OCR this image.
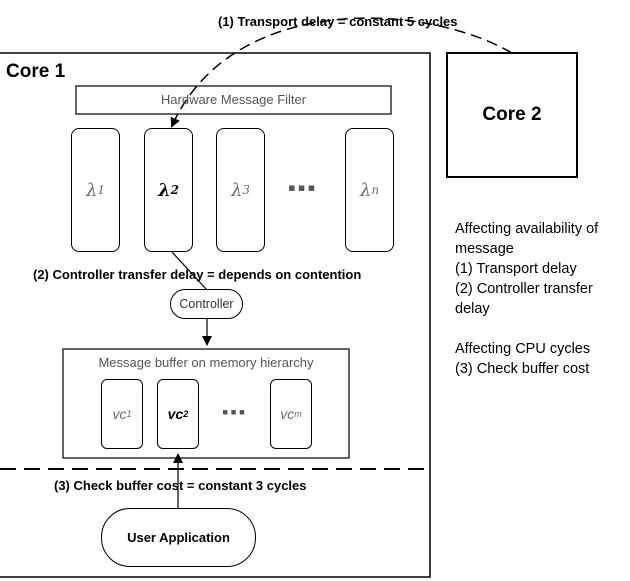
Core 1
Core 2
(1) Transport delay = constant 5 cycles
Hardware Message Filter
λ 1	λ 2	λ 3 ▪▪▪ λ n
(2) Controller transfer delay = depends on contention
Controller
Message buffer on memory hierarchy
vc 1	vc 2 ▪▪▪ vc m
(3) Check buffer cost = constant 3 cycles
User Application
Affecting availability of
message
(1) Transport delay
(2) Controller transfer delay
Affecting CPU cycles
(3) Check buffer cost
